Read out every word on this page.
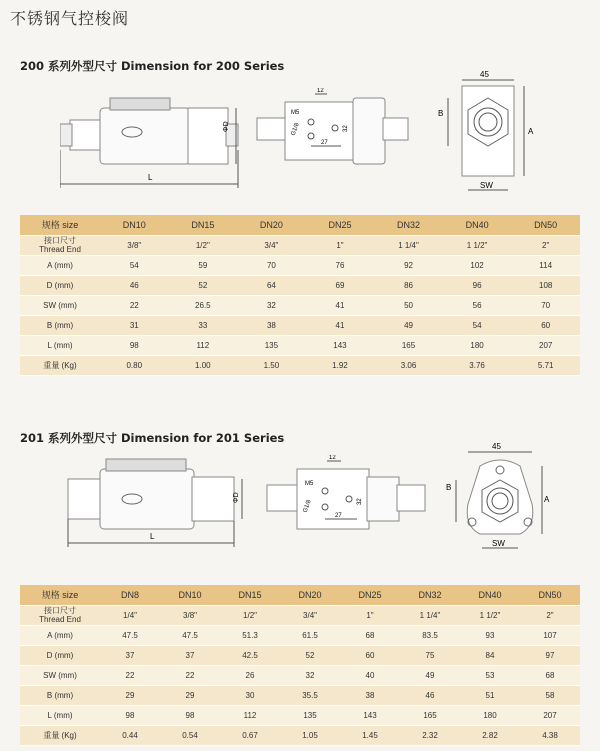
不锈钢气控梭阀
200 系列外型尺寸 Dimension for 200 Series
L
ΦD
12
M5
G1/8
27
32
45
A
B
SW
规格 size	DN10	DN15	DN20	DN25	DN32	DN40	DN50
接口尺寸
Thread End	3/8"	1/2"	3/4"	1"	1 1/4"	1 1/2"	2"
A (mm)	54	59	70	76	92	102	114
D (mm)	46	52	64	69	86	96	108
SW (mm)	22	26.5	32	41	50	56	70
B (mm)	31	33	38	41	49	54	60
L (mm)	98	112	135	143	165	180	207
重量 (Kg)	0.80	1.00	1.50	1.92	3.06	3.76	5.71
201 系列外型尺寸 Dimension for 201 Series
L
ΦD
12
M5
G1/8
27
32
45
A
B
SW
规格 size	DN8	DN10	DN15	DN20	DN25	DN32	DN40	DN50
接口尺寸
Thread End	1/4"	3/8"	1/2"	3/4"	1"	1 1/4"	1 1/2"	2"
A (mm)	47.5	47.5	51.3	61.5	68	83.5	93	107
D (mm)	37	37	42.5	52	60	75	84	97
SW (mm)	22	22	26	32	40	49	53	68
B (mm)	29	29	30	35.5	38	46	51	58
L (mm)	98	98	112	135	143	165	180	207
重量 (Kg)	0.44	0.54	0.67	1.05	1.45	2.32	2.82	4.38
